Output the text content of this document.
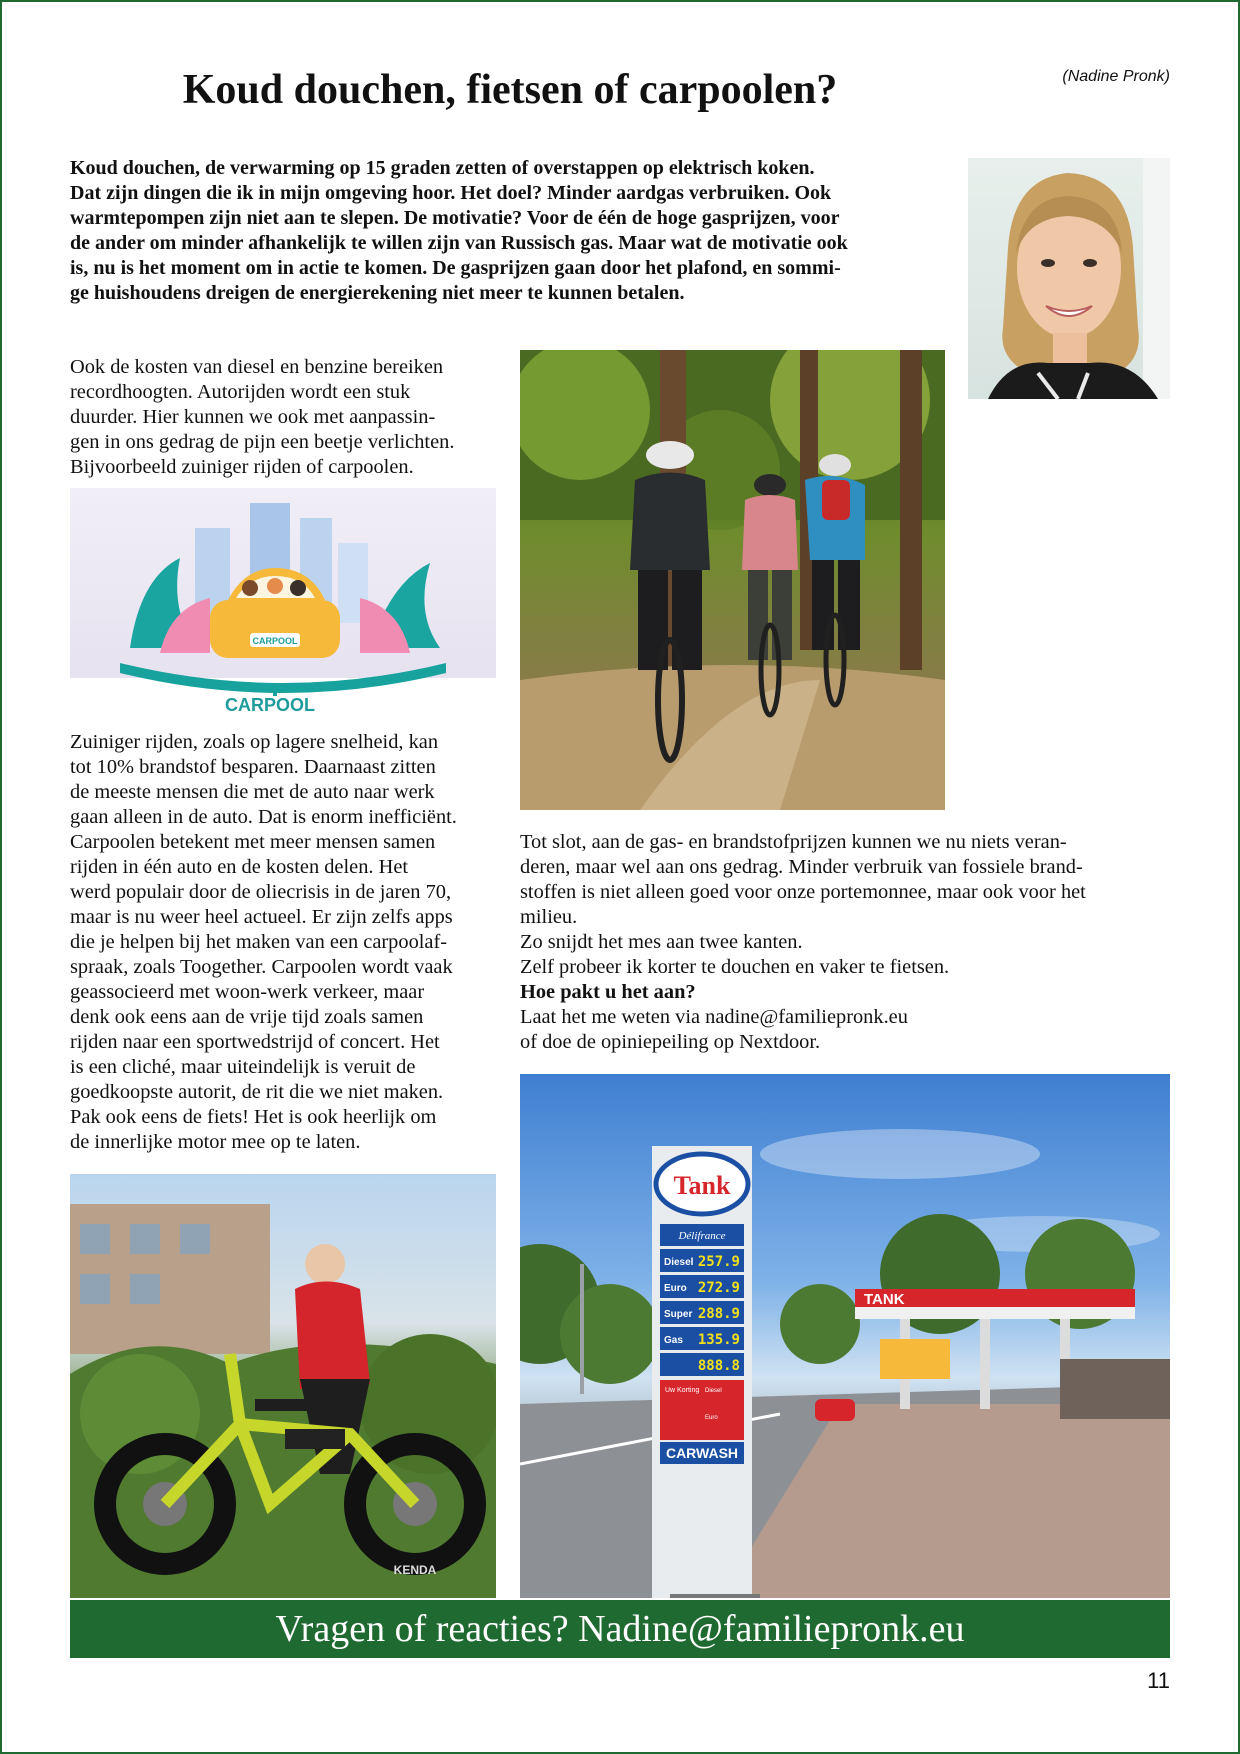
Koud douchen, fietsen of carpoolen?	(Nadine Pronk)

Koud douchen, de verwarming op 15 graden zetten of overstappen op elektrisch koken.

Dat zijn dingen die ik in mijn omgeving hoor. Het doel? Minder aardgas verbruiken. Ook

warmtepompen zijn niet aan te slepen. De motivatie? Voor de één de hoge gasprijzen, voor

de ander om minder afhankelijk te willen zijn van Russisch gas. Maar wat de motivatie ook

is, nu is het moment om in actie te komen. De gasprijzen gaan door het plafond, en sommi-

ge huishoudens dreigen de energierekening niet meer te kunnen betalen.

Ook de kosten van diesel en benzine bereiken

recordhoogten. Autorijden wordt een stuk

duurder. Hier kunnen we ook met aanpassin-

gen in ons gedrag de pijn een beetje verlichten.

Bijvoorbeeld zuiniger rijden of carpoolen.

CARPOOL
CARPOOL

Zuiniger rijden, zoals op lagere snelheid, kan

tot 10% brandstof besparen. Daarnaast zitten

de meeste mensen die met de auto naar werk

gaan alleen in de auto. Dat is enorm inefficiënt.

Carpoolen betekent met meer mensen samen

rijden in één auto en de kosten delen. Het

werd populair door de oliecrisis in de jaren 70,

maar is nu weer heel actueel. Er zijn zelfs apps

die je helpen bij het maken van een carpoolaf-

spraak, zoals Toogether. Carpoolen wordt vaak

geassocieerd met woon-werk verkeer, maar

denk ook eens aan de vrije tijd zoals samen

rijden naar een sportwedstrijd of concert. Het

is een cliché, maar uiteindelijk is veruit de

goedkoopste autorit, de rit die we niet maken.

Pak ook eens de fiets! Het is ook heerlijk om

de innerlijke motor mee op te laten.

Tot slot, aan de gas- en brandstofprijzen kunnen we nu niets veran-

deren, maar wel aan ons gedrag. Minder verbruik van fossiele brand-

stoffen is niet alleen goed voor onze portemonnee, maar ook voor het

milieu.

Zo snijdt het mes aan twee kanten.

Zelf probeer ik korter te douchen en vaker te fietsen.

Hoe pakt u het aan?

Laat het me weten via nadine@familiepronk.eu

of doe de opiniepeiling op Nextdoor.

KENDA
TANK
Tank
Délifrance
Diesel 257.9
Euro 272.9
Super 288.9
Gas 135.9
888.8
Uw Korting Diesel
Euro
CARWASH
Vragen of reacties? Nadine@familiepronk.eu
11
